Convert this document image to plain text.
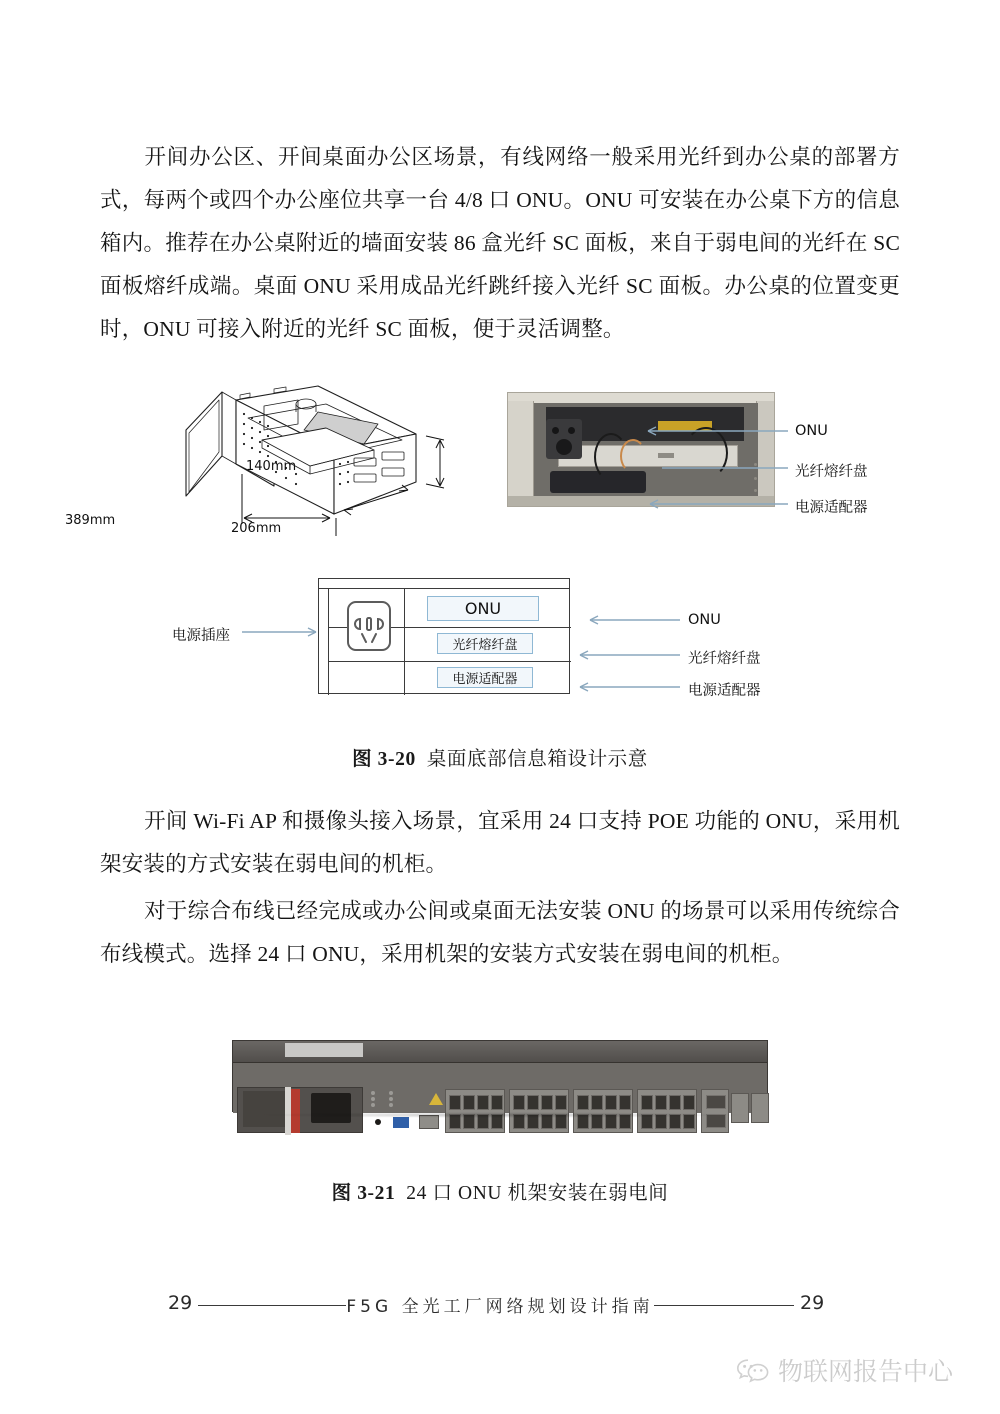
开间办公区、开间桌面办公区场景，有线网络一般采用光纤到办公桌的部署方式，每两个或四个办公座位共享一台 4/8 口 ONU。ONU 可安装在办公桌下方的信息箱内。推荐在办公桌附近的墙面安装 86 盒光纤 SC 面板，来自于弱电间的光纤在 SC 面板熔纤成端。桌面 ONU 采用成品光纤跳纤接入光纤 SC 面板。办公桌的位置变更时，ONU 可接入附近的光纤 SC 面板，便于灵活调整。

389mm
206mm
140mm
ONU
光纤熔纤盘
电源适配器
图 3-20 桌面底部信息箱设计示意
ONU
光纤熔纤盘
电源适配器
电源插座
ONU
光纤熔纤盘
电源适配器

开间 Wi-Fi AP 和摄像头接入场景，宜采用 24 口支持 POE 功能的 ONU，采用机架安装的方式安装在弱电间的机柜。

对于综合布线已经完成或办公间或桌面无法安装 ONU 的场景可以采用传统综合布线模式。选择 24 口 ONU，采用机架的安装方式安装在弱电间的机柜。

图 3-21 24 口 ONU 机架安装在弱电间
29	F5G 全光工厂网络规划设计指南	29
物联网报告中心
